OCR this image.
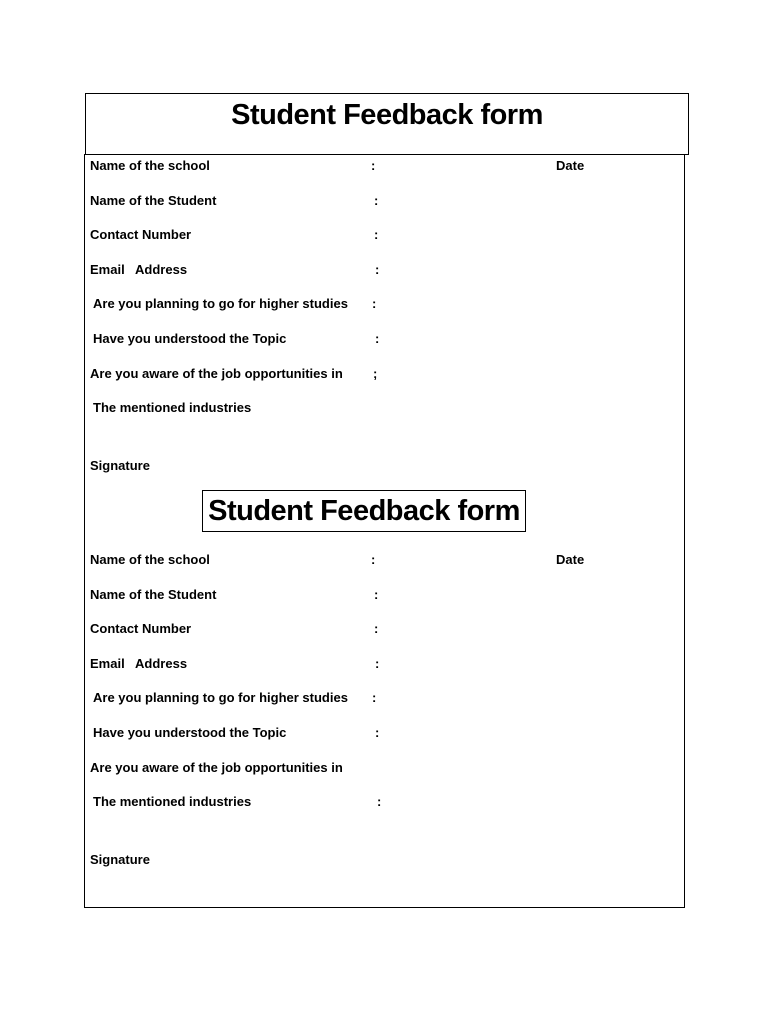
Student Feedback form
Name of the school	:	Date
Name of the Student	:
Contact Number	:
Email   Address	:
Are you planning to go for higher studies :
Have you understood the Topic	:
Are you aware of the job opportunities in ;
The mentioned industries
Signature
Student Feedback form
Name of the school	:	Date
Name of the Student	:
Contact Number	:
Email   Address	:
Are you planning to go for higher studies :
Have you understood the Topic	:
Are you aware of the job opportunities in
The mentioned industries	:
Signature
